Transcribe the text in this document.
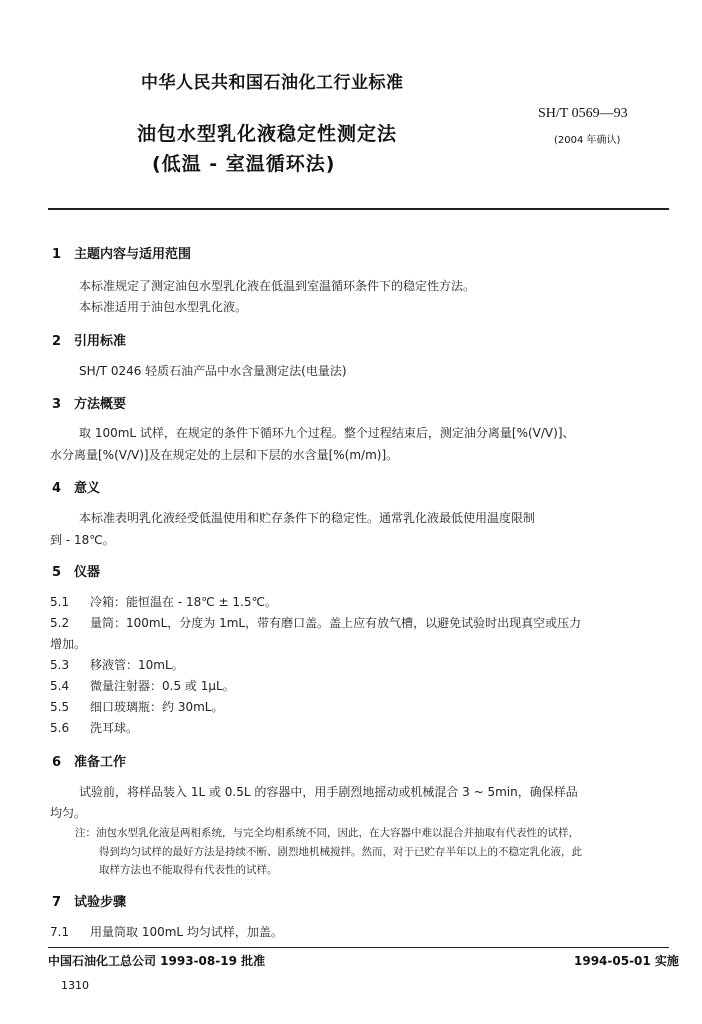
中华人民共和国石油化工行业标准
SH/T 0569—93
(2004 年确认)
油包水型乳化液稳定性测定法
(低温 - 室温循环法)
1 主题内容与适用范围
本标准规定了测定油包水型乳化液在低温到室温循环条件下的稳定性方法。
本标准适用于油包水型乳化液。
2 引用标准
SH/T 0246 轻质石油产品中水含量测定法(电量法)
3 方法概要
取 100mL 试样，在规定的条件下循环九个过程。整个过程结束后，测定油分离量[%(V/V)]、
水分离量[%(V/V)]及在规定处的上层和下层的水含量[%(m/m)]。
4 意义
本标准表明乳化液经受低温使用和贮存条件下的稳定性。通常乳化液最低使用温度限制
到 - 18℃。
5 仪器
5.1 冷箱：能恒温在 - 18℃ ± 1.5℃。
5.2 量筒：100mL，分度为 1mL，带有磨口盖。盖上应有放气槽，以避免试验时出现真空或压力
增加。
5.3 移液管：10mL。
5.4 微量注射器：0.5 或 1μL。
5.5 细口玻璃瓶：约 30mL。
5.6 洗耳球。
6 准备工作
试验前，将样品装入 1L 或 0.5L 的容器中，用手剧烈地摇动或机械混合 3 ~ 5min，确保样品
均匀。
注：油包水型乳化液是两相系统，与完全均相系统不同，因此，在大容器中难以混合并抽取有代表性的试样，
得到均匀试样的最好方法是持续不断、剧烈地机械搅拌。然而，对于已贮存半年以上的不稳定乳化液，此
取样方法也不能取得有代表性的试样。
7 试验步骤
7.1 用量筒取 100mL 均匀试样，加盖。
中国石油化工总公司 1993-08-19 批准	1994-05-01 实施
1310
